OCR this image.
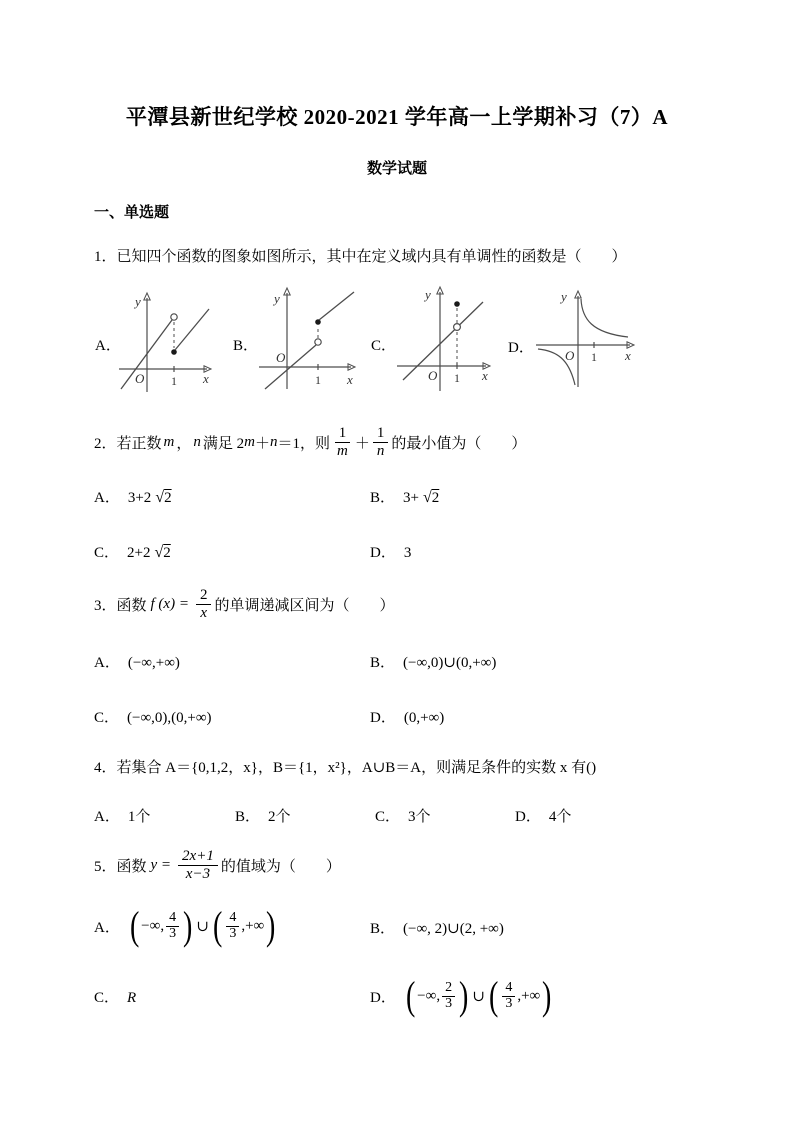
平潭县新世纪学校 2020-2021 学年高一上学期补习（7）A
数学试题
一、单选题
1．已知四个函数的图象如图所示，其中在定义域内具有单调性的函数是（　　）
A．	B．	C．	D．
y
O 1 x
y
O
1 x
y
O 1 x
y
O 1 x
2．若正数 m ， n 满足 2 m ＋ n ＝1，则 $\frac{1}{m} + \frac{1}{n}$ 的最小值为（　　）
A． 3+2 √2	B． 3+ √2
C． 2+2 √2	D． 3
3．函数 f $(x) = \frac{2}{x}$ 的单调递减区间为（　　）
A． (−∞,+∞)	B． (−∞,0)∪(0,+∞)
C． (−∞,0),(0,+∞)	D． (0,+∞)
4．若集合 A＝{0,1,2，x}，B＝{1，x²}，A∪B＝A，则满足条件的实数 x 有()
A． 1个	B． 2个	C． 3个	D． 4个
5．函数 $y = \frac{2x+1}{x-3}$ 的值域为（　　）
A． ( −∞,
4
3 ) ∪ ( 4
3 ,+∞ )	B． (−∞, 2)∪(2, +∞)
C． R	D． ( −∞,
2
3 ) ∪ ( 4
3 ,+∞ )
